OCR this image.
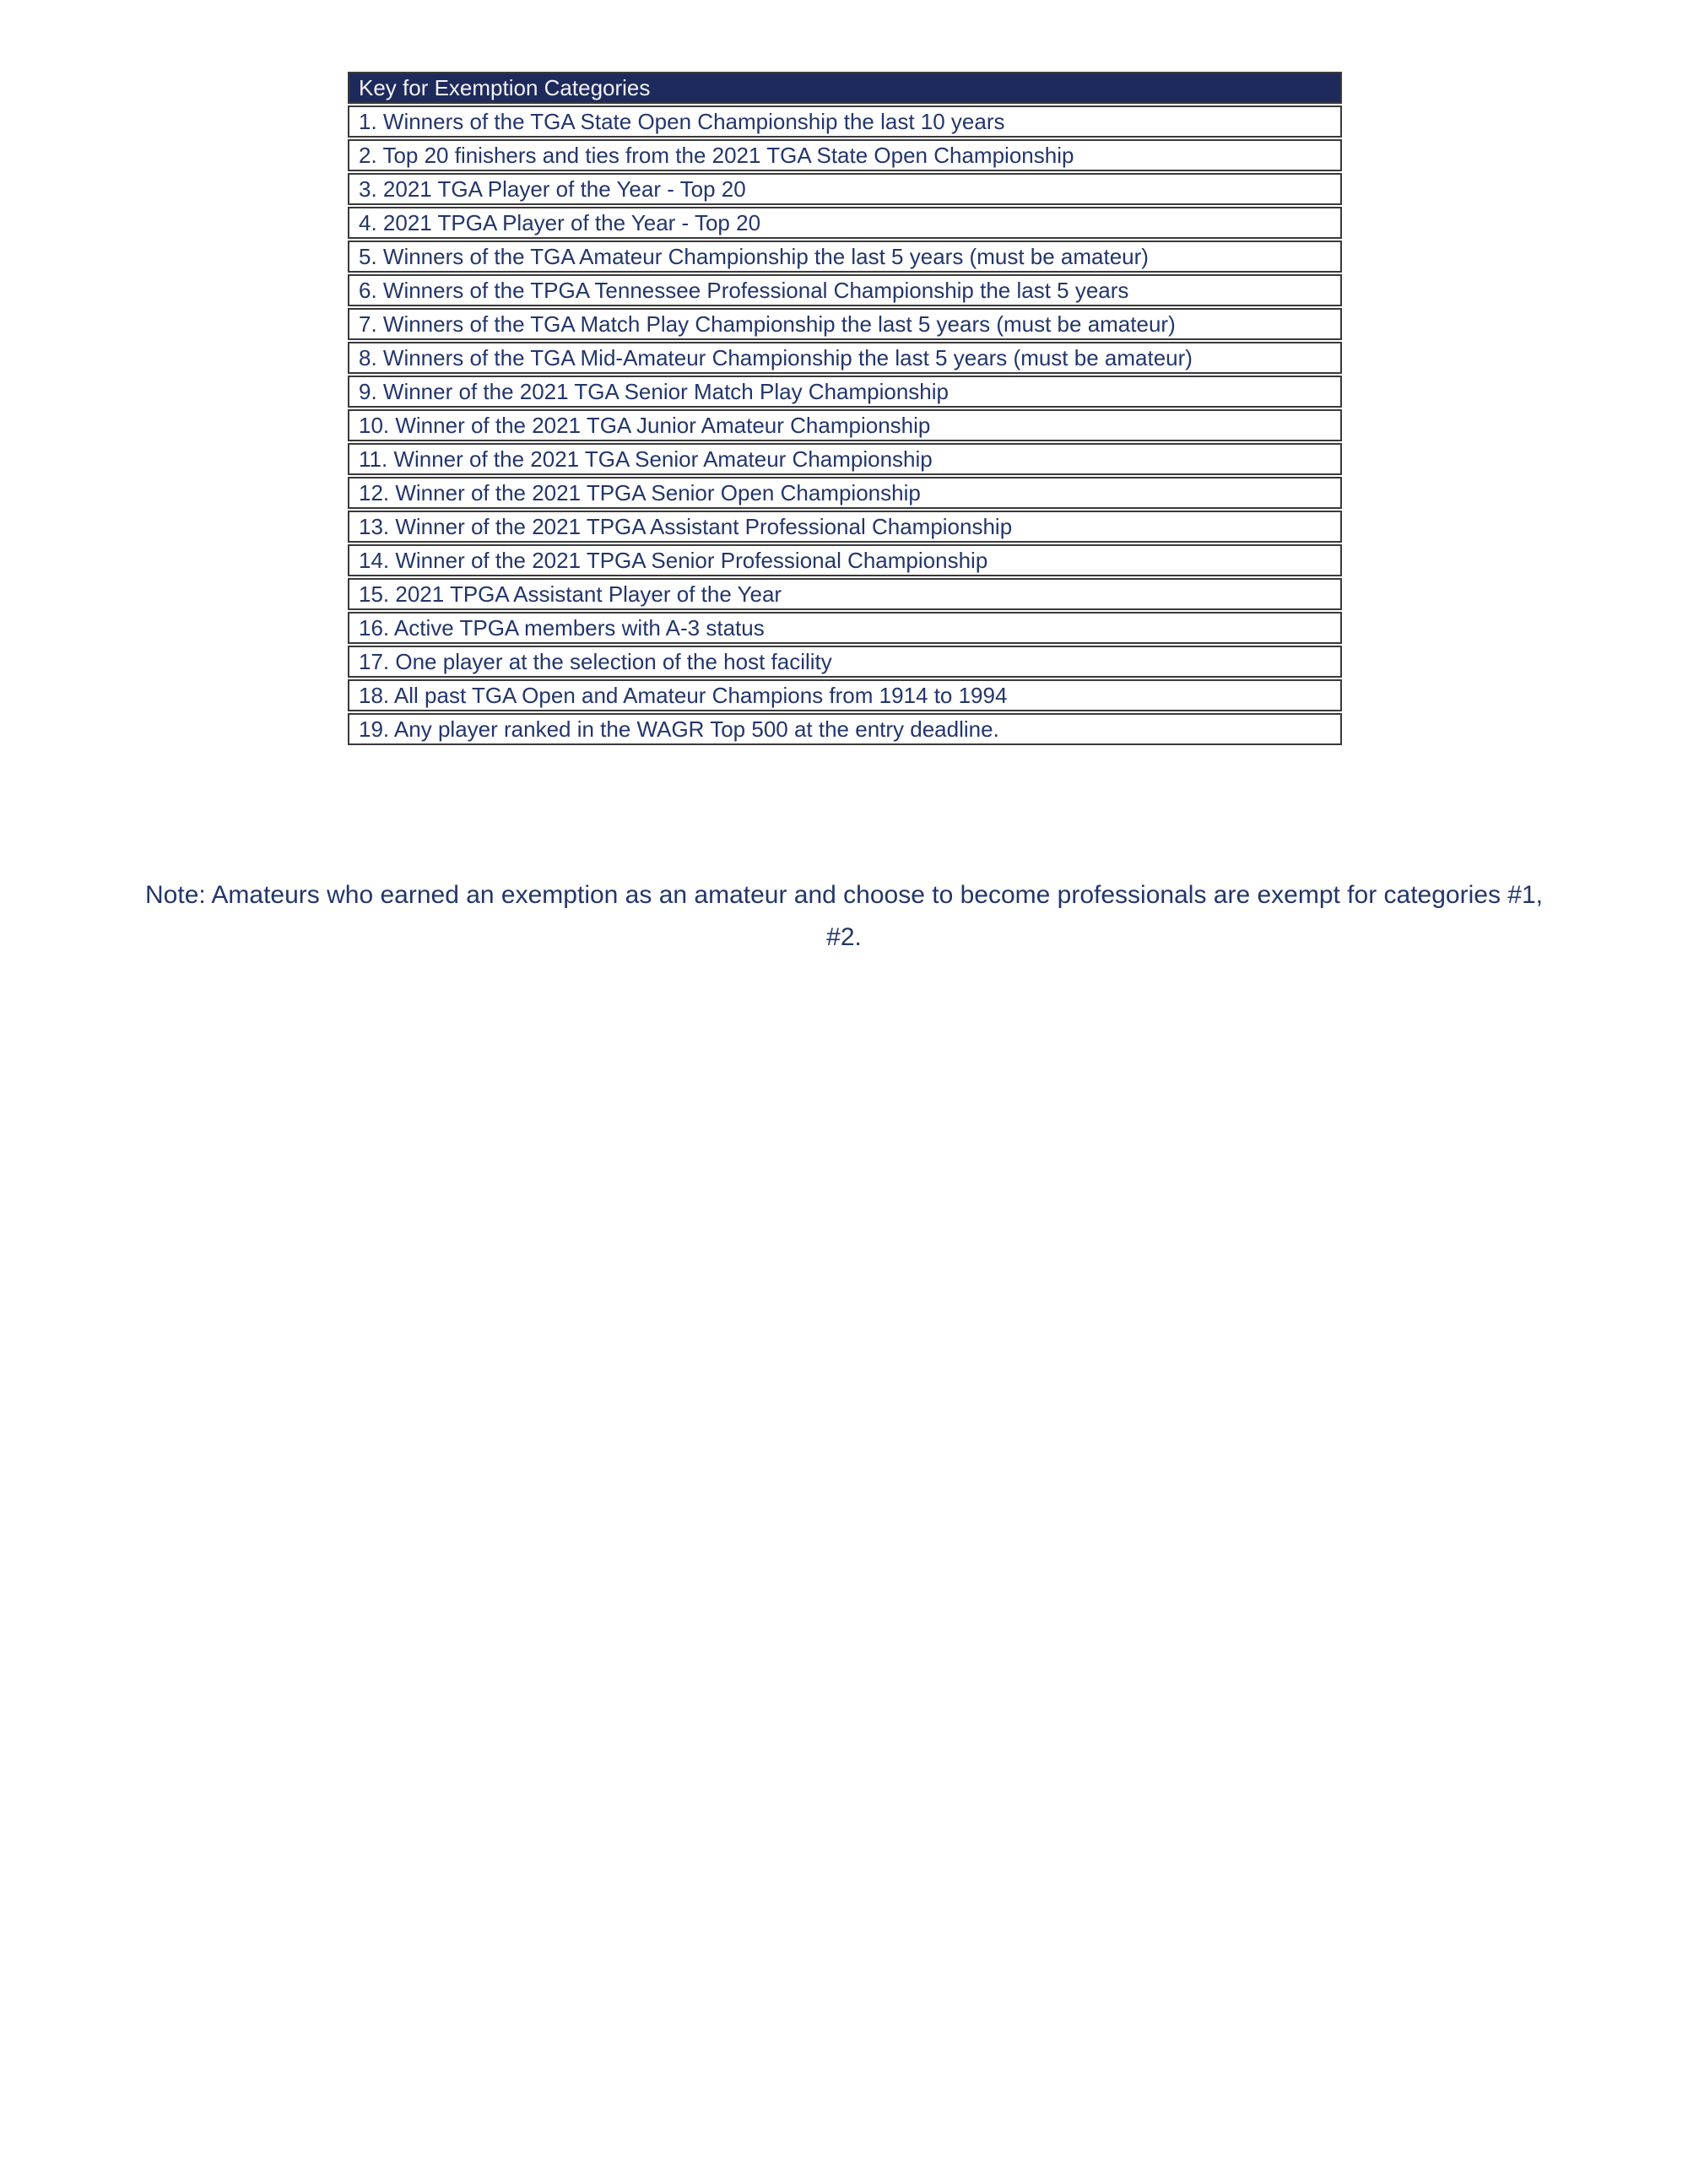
Key for Exemption Categories
1. Winners of the TGA State Open Championship the last 10 years
2. Top 20 finishers and ties from the 2021 TGA State Open Championship
3. 2021 TGA Player of the Year - Top 20
4. 2021 TPGA Player of the Year - Top 20
5. Winners of the TGA Amateur Championship the last 5 years (must be amateur)
6. Winners of the TPGA Tennessee Professional Championship the last 5 years
7. Winners of the TGA Match Play Championship the last 5 years (must be amateur)
8. Winners of the TGA Mid-Amateur Championship the last 5 years (must be amateur)
9. Winner of the 2021 TGA Senior Match Play Championship
10. Winner of the 2021 TGA Junior Amateur Championship
11. Winner of the 2021 TGA Senior Amateur Championship
12. Winner of the 2021 TPGA Senior Open Championship
13. Winner of the 2021 TPGA Assistant Professional Championship
14. Winner of the 2021 TPGA Senior Professional Championship
15. 2021 TPGA Assistant Player of the Year
16. Active TPGA members with A-3 status
17. One player at the selection of the host facility
18. All past TGA Open and Amateur Champions from 1914 to 1994
19. Any player ranked in the WAGR Top 500 at the entry deadline.
Note: Amateurs who earned an exemption as an amateur and choose to become professionals are exempt for categories #1,
#2.
